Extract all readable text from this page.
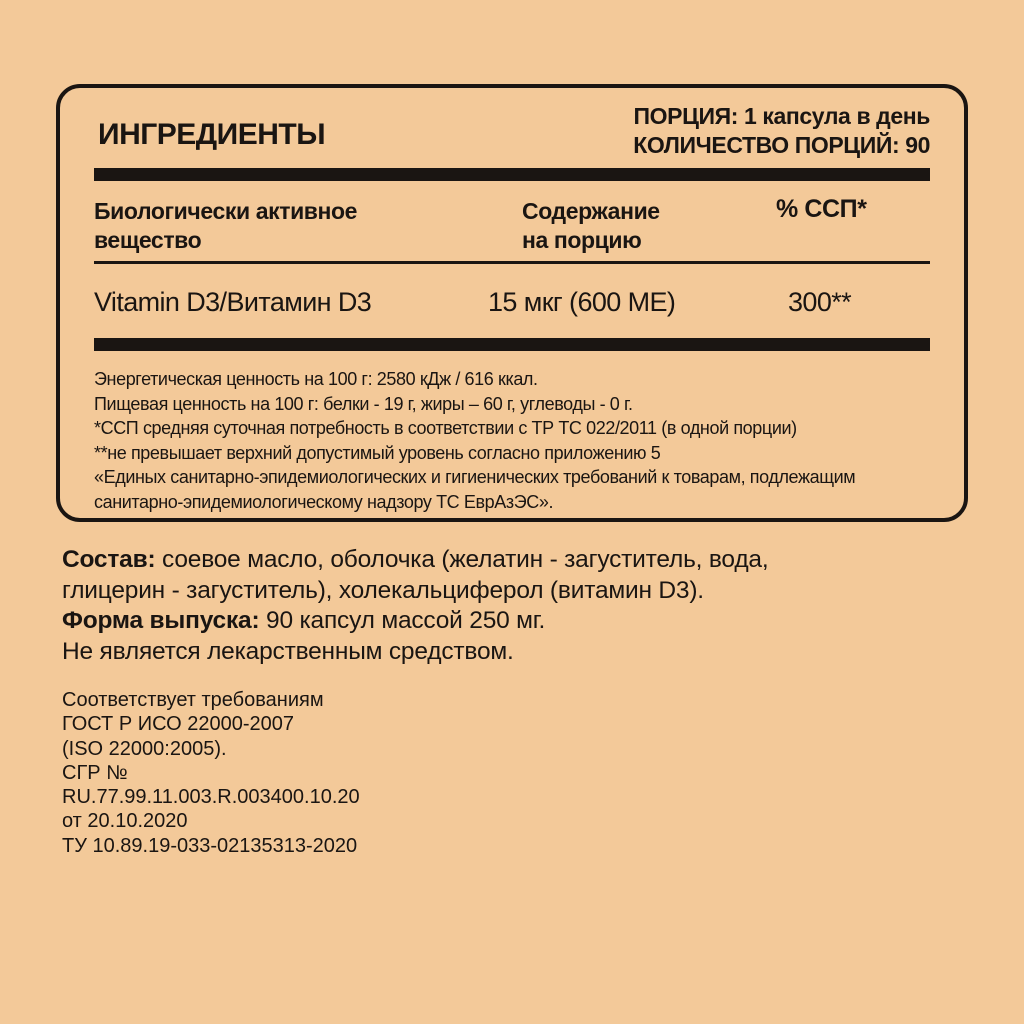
ИНГРЕДИЕНТЫ
ПОРЦИЯ: 1 капсула в день
КОЛИЧЕСТВО ПОРЦИЙ: 90
Биологически активное
вещество
Содержание
на порцию
% ССП*
Vitamin D3/Витамин D3	15 мкг (600 МЕ)	300**
Энергетическая ценность на 100 г: 2580 кДж / 616 ккал.
Пищевая ценность на 100 г: белки - 19 г, жиры – 60 г, углеводы - 0 г.
*ССП средняя суточная потребность в соответствии с ТР ТС 022/2011 (в одной порции)
**не превышает верхний допустимый уровень согласно приложению 5
«Единых санитарно-эпидемиологических и гигиенических требований к товарам, подлежащим
санитарно-эпидемиологическому надзору ТС ЕврАзЭС».
Состав: соевое масло, оболочка (желатин - загуститель, вода,
глицерин - загуститель), холекальциферол (витамин D3).
Форма выпуска: 90 капсул массой 250 мг.
Не является лекарственным средством.
Соответствует требованиям
ГОСТ Р ИСО 22000-2007
(ISO 22000:2005).
СГР №
RU.77.99.11.003.R.003400.10.20
от 20.10.2020
ТУ 10.89.19-033-02135313-2020
